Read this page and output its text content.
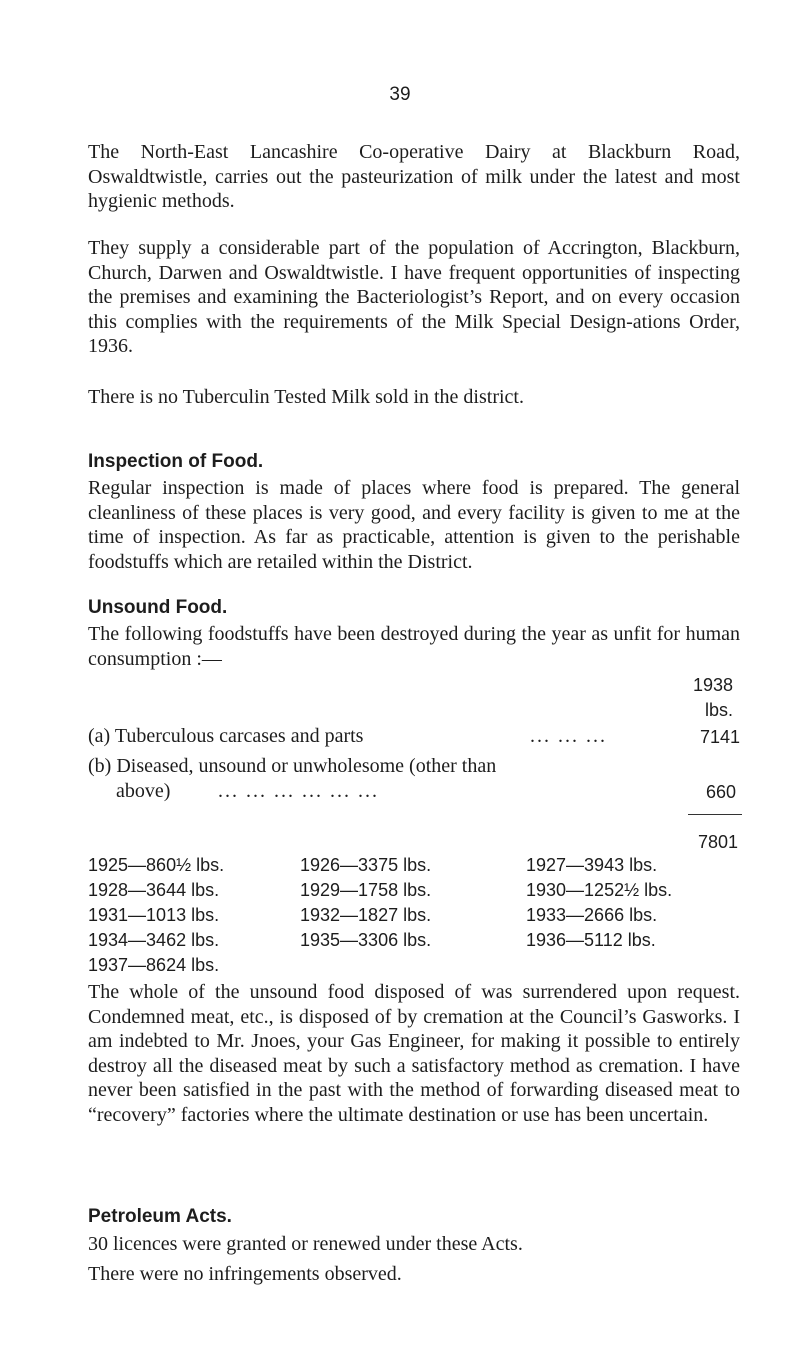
39

The North-East Lancashire Co-operative Dairy at Blackburn Road, Oswaldtwistle, carries out the pasteurization of milk under the latest and most hygienic methods.

They supply a considerable part of the population of Accrington, Blackburn, Church, Darwen and Oswaldtwistle. I have frequent opportunities of inspecting the premises and examining the Bacteriologist’s Report, and on every occasion this complies with the requirements of the Milk Special Design-ations Order, 1936.

There is no Tuberculin Tested Milk sold in the district.

Inspection of Food.

Regular inspection is made of places where food is prepared. The general cleanliness of these places is very good, and every facility is given to me at the time of inspection. As far as practicable, attention is given to the perishable foodstuffs which are retailed within the District.

Unsound Food.

The following foodstuffs have been destroyed during the year as unfit for human consumption :—

1938
lbs.
(a) Tuberculous carcases and parts	... ... ...	7141
(b) Diseased, unsound or unwholesome (other than
above) ... ... ... ... ... ...	660
7801
1925—860½ lbs.	1926—3375 lbs.	1927—3943 lbs.
1928—3644 lbs.	1929—1758 lbs.	1930—1252½ lbs.
1931—1013 lbs.	1932—1827 lbs.	1933—2666 lbs.
1934—3462 lbs.	1935—3306 lbs.	1936—5112 lbs.
1937—8624 lbs.

The whole of the unsound food disposed of was surrendered upon request. Condemned meat, etc., is disposed of by cremation at the Council’s Gasworks. I am indebted to Mr. Jnoes, your Gas Engineer, for making it possible to entirely destroy all the diseased meat by such a satisfactory method as cremation. I have never been satisfied in the past with the method of forwarding diseased meat to “recovery” factories where the ultimate destination or use has been uncertain.

Petroleum Acts.

30 licences were granted or renewed under these Acts.

There were no infringements observed.
